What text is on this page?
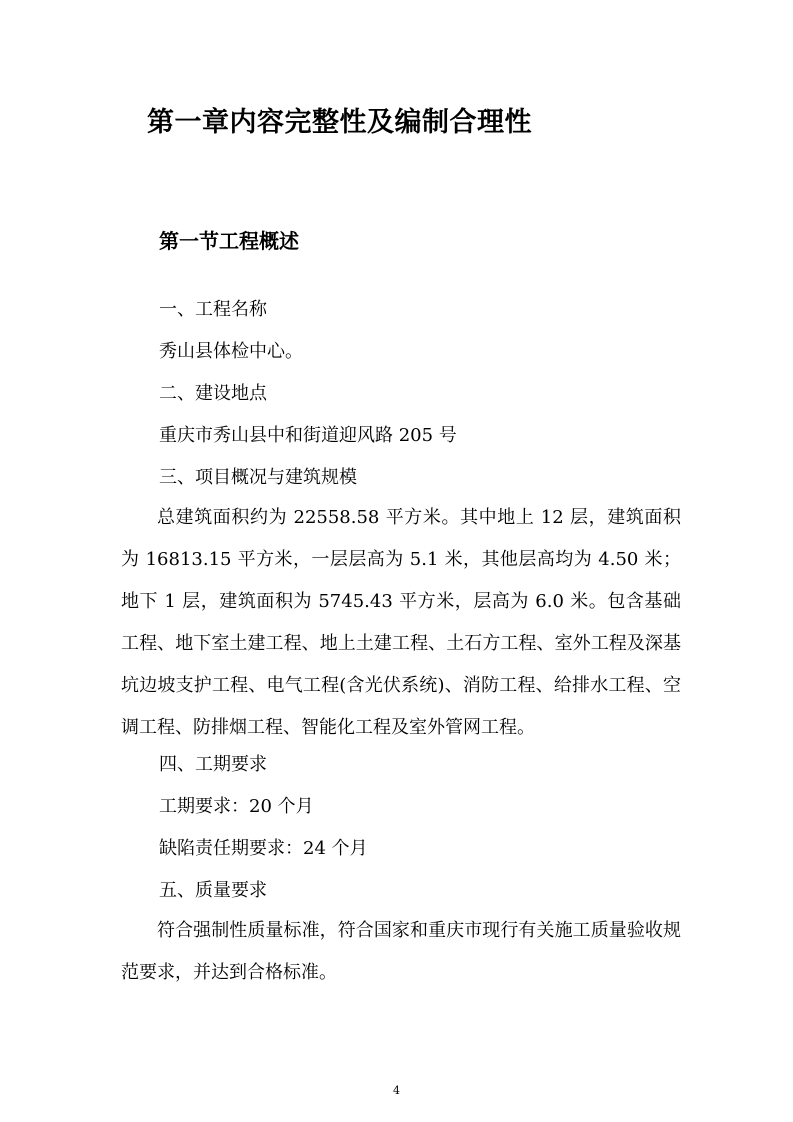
第一章内容完整性及编制合理性
第一节工程概述
一、工程名称
秀山县体检中心。
二、建设地点
重庆市秀山县中和街道迎风路 205 号
三、项目概况与建筑规模

总建筑面积约为 22558.58 平方米。其中地上 12 层，建筑面积为 16813.15 平方米，一层层高为 5.1 米，其他层高均为 4.50 米；地下 1 层，建筑面积为 5745.43 平方米，层高为 6.0 米。包含基础工程、地下室土建工程、地上土建工程、土石方工程、室外工程及深基坑边坡支护工程、电气工程(含光伏系统)、消防工程、给排水工程、空调工程、防排烟工程、智能化工程及室外管网工程。

四、工期要求
工期要求：20 个月
缺陷责任期要求：24 个月
五、质量要求

符合强制性质量标准，符合国家和重庆市现行有关施工质量验收规范要求，并达到合格标准。

4
